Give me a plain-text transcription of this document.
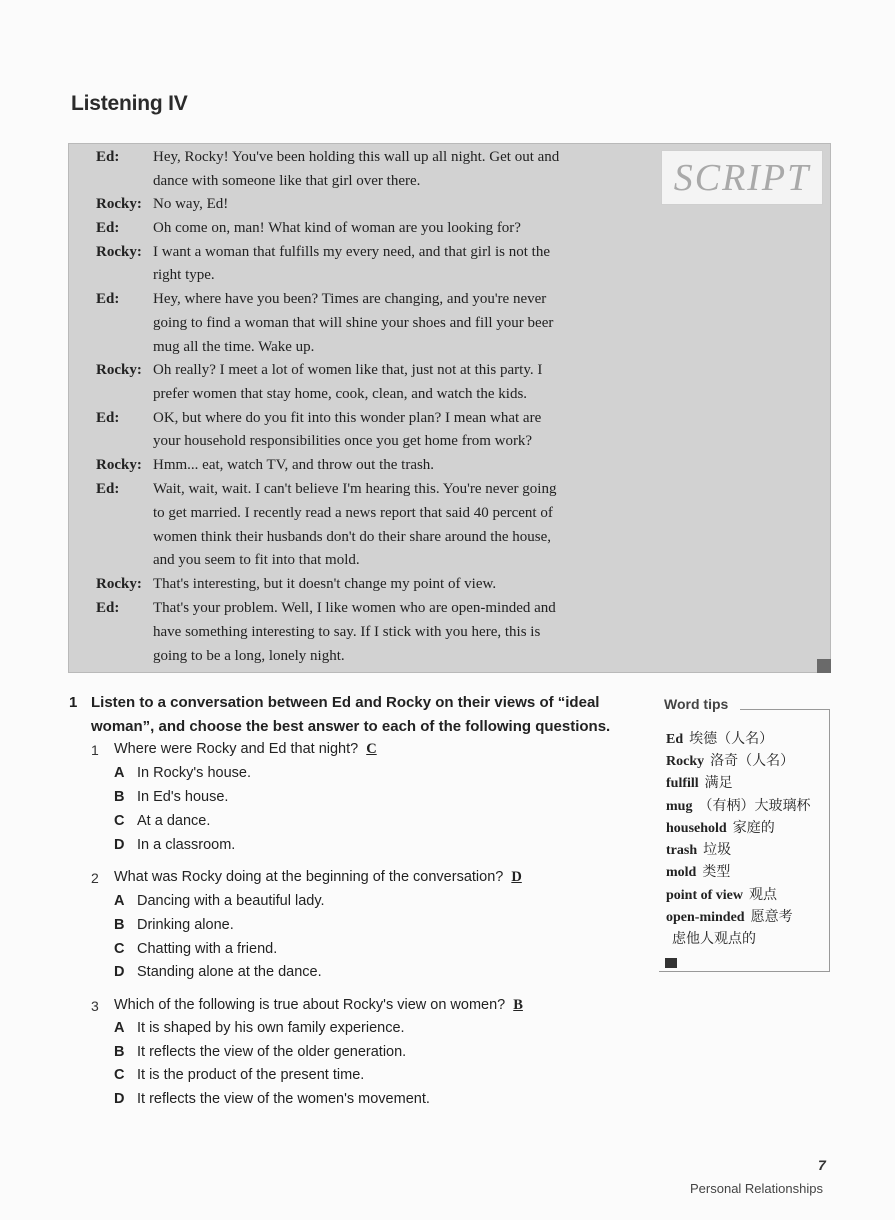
Listening IV
SCRIPT
Ed: Hey, Rocky! You've been holding this wall up all night. Get out and
dance with someone like that girl over there.
Rocky: No way, Ed!
Ed: Oh come on, man! What kind of woman are you looking for?
Rocky: I want a woman that fulfills my every need, and that girl is not the
right type.
Ed: Hey, where have you been? Times are changing, and you're never
going to find a woman that will shine your shoes and fill your beer
mug all the time. Wake up.
Rocky: Oh really? I meet a lot of women like that, just not at this party. I
prefer women that stay home, cook, clean, and watch the kids.
Ed: OK, but where do you fit into this wonder plan? I mean what are
your household responsibilities once you get home from work?
Rocky: Hmm... eat, watch TV, and throw out the trash.
Ed: Wait, wait, wait. I can't believe I'm hearing this. You're never going
to get married. I recently read a news report that said 40 percent of
women think their husbands don't do their share around the house,
and you seem to fit into that mold.
Rocky: That's interesting, but it doesn't change my point of view.
Ed: That's your problem. Well, I like women who are open-minded and
have something interesting to say. If I stick with you here, this is
going to be a long, lonely night.
1 Listen to a conversation between Ed and Rocky on their views of “ideal
woman”, and choose the best answer to each of the following questions.
1 Where were Rocky and Ed that night? C
A In Rocky's house.
B In Ed's house.
C At a dance.
D In a classroom.
2 What was Rocky doing at the beginning of the conversation? D
A Dancing with a beautiful lady.
B Drinking alone.
C Chatting with a friend.
D Standing alone at the dance.
3 Which of the following is true about Rocky's view on women? B
A It is shaped by his own family experience.
B It reflects the view of the older generation.
C It is the product of the present time.
D It reflects the view of the women's movement.
Word tips
Ed 埃德（人名）
Rocky 洛奇（人名）
fulfill 满足
mug （有柄）大玻璃杯
household 家庭的
trash 垃圾
mold 类型
point of view 观点
open-minded 愿意考
虑他人观点的
7
Personal Relationships
